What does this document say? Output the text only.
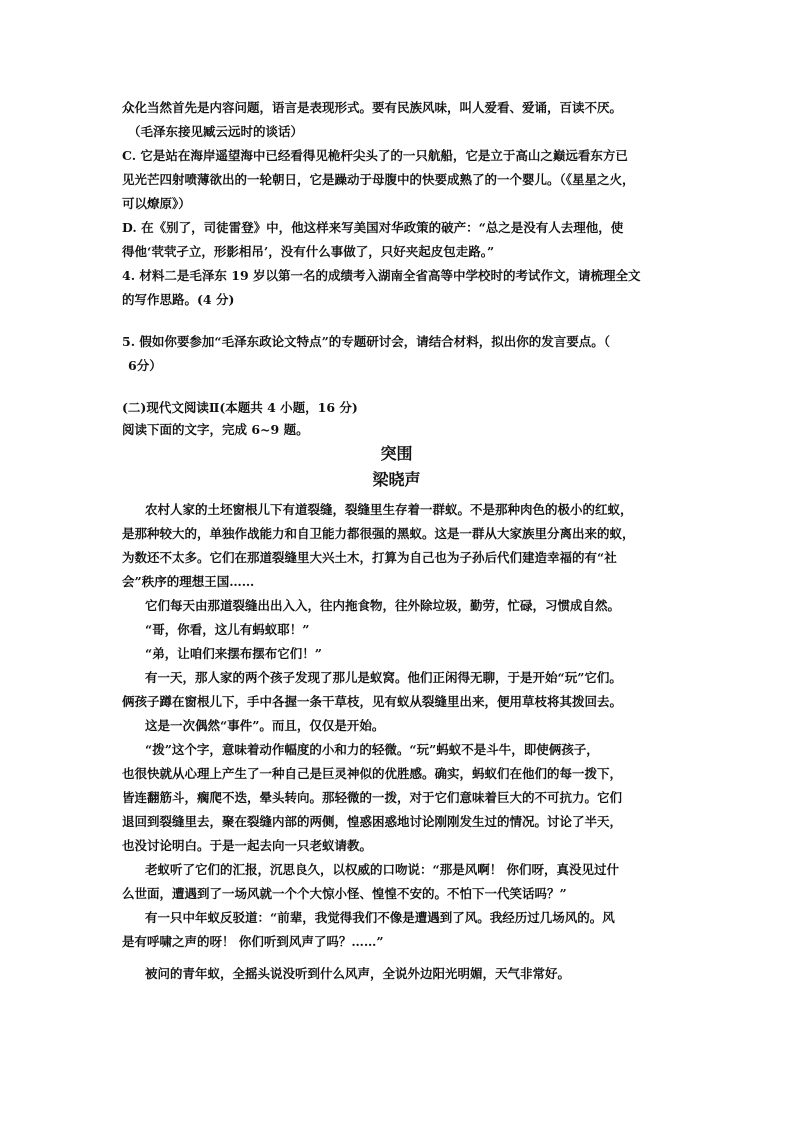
众化当然首先是内容问题，语言是表现形式。要有民族风味，叫人爱看、爱诵，百读不厌。
（毛泽东接见臧云远时的谈话）
C. 它是站在海岸遥望海中已经看得见桅杆尖头了的一只航船，它是立于高山之巅远看东方已
见光芒四射喷薄欲出的一轮朝日，它是躁动于母腹中的快要成熟了的一个婴儿。（《星星之火，
可以燎原》）
D. 在《别了，司徒雷登》中，他这样来写美国对华政策的破产：“总之是没有人去理他，使
得他‘茕茕孑立，形影相吊’，没有什么事做了，只好夹起皮包走路。”
4. 材料二是毛泽东 19 岁以第一名的成绩考入湖南全省高等中学校时的考试作文，请梳理全文
的写作思路。(4 分)
5. 假如你要参加“毛泽东政论文特点”的专题研讨会，请结合材料，拟出你的发言要点。（
6分）
(二)现代文阅读Ⅱ(本题共 4 小题，16 分)
阅读下面的文字，完成 6~9 题。
突围
梁晓声
农村人家的土坯窗根儿下有道裂缝，裂缝里生存着一群蚁。不是那种肉色的极小的红蚁，
是那种较大的，单独作战能力和自卫能力都很强的黑蚁。这是一群从大家族里分离出来的蚁，
为数还不太多。它们在那道裂缝里大兴土木，打算为自己也为子孙后代们建造幸福的有“社
会”秩序的理想王国……
它们每天由那道裂缝出出入入，往内拖食物，往外除垃圾，勤劳，忙碌，习惯成自然。
“哥，你看，这儿有蚂蚁耶！”
“弟，让咱们来摆布摆布它们！”
有一天，那人家的两个孩子发现了那儿是蚁窝。他们正闲得无聊，于是开始“玩”它们。
俩孩子蹲在窗根儿下，手中各握一条干草枝，见有蚁从裂缝里出来，便用草枝将其拨回去。
这是一次偶然“事件”。而且，仅仅是开始。
“拨”这个字，意味着动作幅度的小和力的轻微。“玩”蚂蚁不是斗牛，即使俩孩子，
也很快就从心理上产生了一种自己是巨灵神似的优胜感。确实，蚂蚁们在他们的每一拨下，
皆连翻筋斗，瘸爬不迭，晕头转向。那轻微的一拨，对于它们意味着巨大的不可抗力。它们
退回到裂缝里去，聚在裂缝内部的两侧，惶惑困惑地讨论刚刚发生过的情况。讨论了半天，
也没讨论明白。于是一起去向一只老蚁请教。
老蚁听了它们的汇报，沉思良久，以权威的口吻说：“那是风啊！ 你们呀，真没见过什
么世面，遭遇到了一场风就一个个大惊小怪、惶惶不安的。不怕下一代笑话吗？”
有一只中年蚁反驳道：“前辈，我觉得我们不像是遭遇到了风。我经历过几场风的。风
是有呼啸之声的呀！ 你们听到风声了吗？……”
被问的青年蚁，全摇头说没听到什么风声，全说外边阳光明媚，天气非常好。
